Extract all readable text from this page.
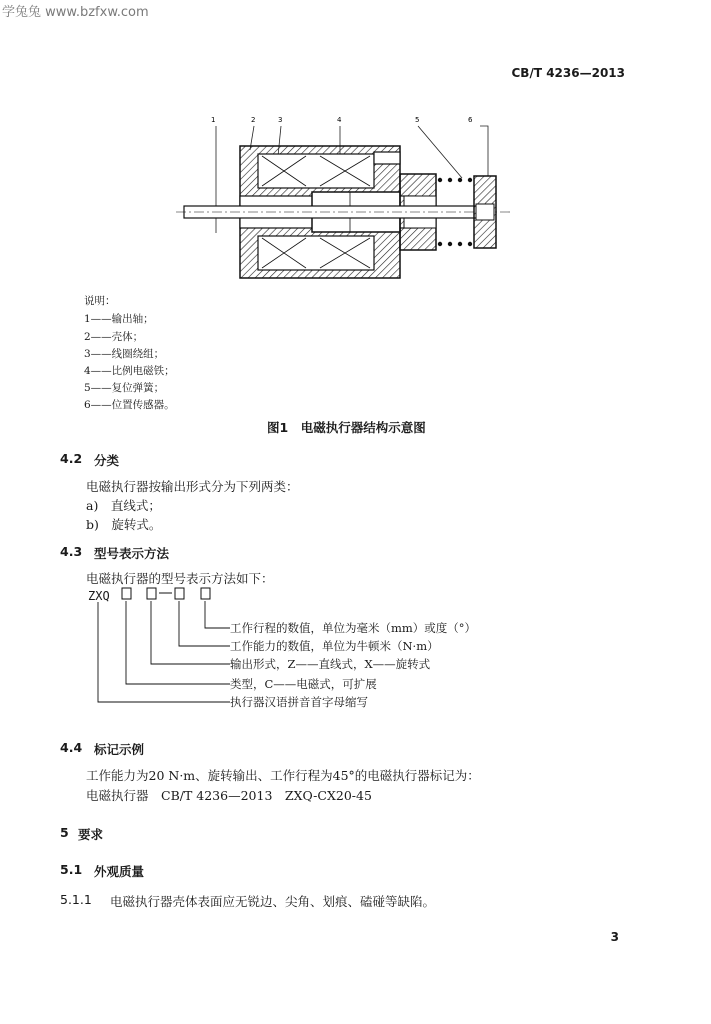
学兔兔 www.bzfxw.com
CB/T 4236—2013
1	2	3	4	5	6
说明：
1——输出轴；
2——壳体；
3——线圈绕组；
4——比例电磁铁；
5——复位弹簧；
6——位置传感器。
图1　电磁执行器结构示意图
4.2 分类
电磁执行器按输出形式分为下列两类：
a)　直线式；
b)　旋转式。
4.3 型号表示方法
电磁执行器的型号表示方法如下：
ZXQ
工作行程的数值，单位为毫米（mm）或度（°）
工作能力的数值，单位为牛顿米（N·m）
输出形式，Z——直线式，X——旋转式
类型，C——电磁式，可扩展
执行器汉语拼音首字母缩写
4.4 标记示例
工作能力为20 N·m、旋转输出、工作行程为45°的电磁执行器标记为：
电磁执行器　CB/T 4236—2013　ZXQ-CX20-45
5 要求
5.1 外观质量
5.1.1 电磁执行器壳体表面应无锐边、尖角、划痕、磕碰等缺陷。
3
